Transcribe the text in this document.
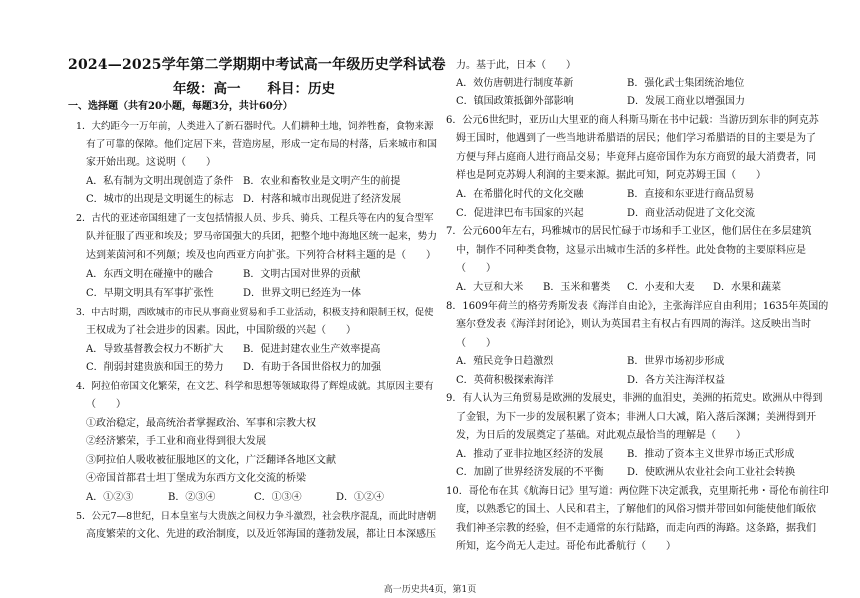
2024—2025学年第二学期期中考试高一年级历史学科试卷
年级：高一　　科目：历史
一、选择题（共有20小题，每题3分，共计60分）
1．大约距今一万年前，人类进入了新石器时代。人们耕种土地，饲养牲畜，食物来源
有了可靠的保障。他们定居下来，营造房屋，形成一定布局的村落，后来城市和国
家开始出现。这说明（　　）
A．私有制为文明出现创造了条件 B．农业和畜牧业是文明产生的前提
C．城市的出现是文明诞生的标志 D．村落和城市出现促进了经济发展
2．古代的亚述帝国组建了一支包括情报人员、步兵、骑兵、工程兵等在内的复合型军
队并征服了西亚和埃及；罗马帝国强大的兵团，把整个地中海地区统一起来，势力
达到莱茵河和不列颠；埃及也向西亚方向扩张。下列符合材料主题的是（　　）
A．东西文明在碰撞中的融合	B．文明古国对世界的贡献
C．早期文明具有军事扩张性	D．世界文明已经连为一体
3．中古时期，西欧城市的市民从事商业贸易和手工业活动，积极支持和限制王权，促使
王权成为了社会进步的因素。因此，中国阶级的兴起（　　）
A．导致基督教会权力不断扩大 B．促进封建农业生产效率提高
C．削弱封建贵族和国王的势力 D．有助于各国世俗权力的加强
4．阿拉伯帝国文化繁荣，在文艺、科学和思想等领域取得了辉煌成就。其原因主要有
（　　）
①政治稳定，最高统治者掌握政治、军事和宗教大权
②经济繁荣，手工业和商业得到很大发展
③阿拉伯人吸收被征服地区的文化，广泛翻译各地区文献
④帝国首都君士坦丁堡成为东西方文化交流的桥梁
A．①②③	B．②③④	C．①③④	D．①②④
5．公元7—8世纪，日本皇室与大贵族之间权力争斗激烈，社会秩序混乱，而此时唐朝
高度繁荣的文化、先进的政治制度，以及近邻海国的蓬勃发展，都让日本深感压
力。基于此，日本（　　）
A．效仿唐朝进行制度革新	B．强化武士集团统治地位
C．镇国政策抵御外部影响	D．发展工商业以增强国力
6．公元6世纪时，亚历山大里亚的商人科斯马斯在书中记载：当游历到东非的阿克苏
姆王国时，他遇到了一些当地讲希腊语的居民；他们学习希腊语的目的主要是为了
方便与拜占庭商人进行商品交易；毕竟拜占庭帝国作为东方商贸的最大消费者，同
样也是阿克苏姆人利润的主要来源。据此可知，阿克苏姆王国（　　）
A．在希腊化时代的文化交融	B．直接和东亚进行商品贸易
C．促进津巴布韦国家的兴起	D．商业活动促进了文化交流
7．公元600年左右，玛雅城市的居民忙碌于市场和手工业区，他们居住在多层建筑
中，制作不同种类食物，这显示出城市生活的多样性。此处食物的主要原料应是
（　　）
A．大豆和大米 B．玉米和薯类 C．小麦和大麦 D．水果和蔬菜
8．1609年荷兰的格劳秀斯发表《海洋自由论》，主张海洋应自由利用；1635年英国的
塞尔登发表《海洋封闭论》，则认为英国君主有权占有四周的海洋。这反映出当时
（　　）
A．殖民竞争日趋激烈	B．世界市场初步形成
C．英荷积极探索海洋	D．各方关注海洋权益
9．有人认为三角贸易是欧洲的发展史，非洲的血泪史，美洲的拓荒史。欧洲从中得到
了金银，为下一步的发展积累了资本；非洲人口大减，陷入落后深渊；美洲得到开
发，为日后的发展奠定了基础。对此观点最恰当的理解是（　　）
A．推动了亚非拉地区经济的发展 B．推动了资本主义世界市场正式形成
C．加剧了世界经济发展的不平衡 D．使欧洲从农业社会向工业社会转换
10．哥伦布在其《航海日记》里写道：两位陛下决定派我，克里斯托弗・哥伦布前往印
度，以熟悉它的国土、人民和君主，了解他们的风俗习惯并带回如何能使他们皈依
我们神圣宗教的经验，但不走通常的东行陆路，而走向西的海路。这条路，据我们
所知，迄今尚无人走过。哥伦布此番航行（　　）
高一历史共4页，第1页
